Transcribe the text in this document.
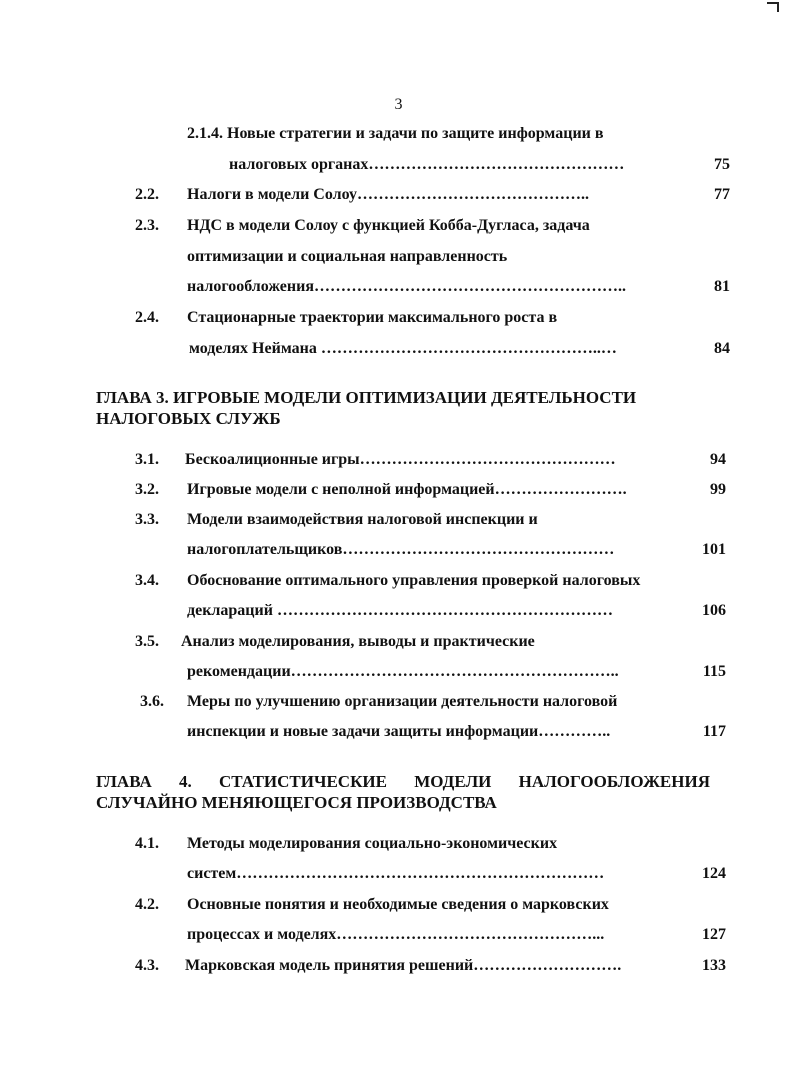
3
2.1.4. Новые стратегии и задачи по защите информации в
налоговых органах…………………………………………	75
2.2. Налоги в модели Солоу……………………………………..	77
2.3. НДС в модели Солоу с функцией Кобба-Дугласа, задача
оптимизации и социальная направленность
налогообложения…………………………………………………..	81
2.4. Стационарные траектории максимального роста в
моделях Неймана ……………………………………………..…	84
ГЛАВА 3. ИГРОВЫЕ МОДЕЛИ ОПТИМИЗАЦИИ ДЕЯТЕЛЬНОСТИ
НАЛОГОВЫХ СЛУЖБ
3.1. Бескоалиционные игры…………………………………………	94
3.2. Игровые модели с неполной информацией…………………….	99
3.3. Модели взаимодействия налоговой инспекции и
налогоплательщиков……………………………………………	101
3.4. Обоснование оптимального управления проверкой налоговых
деклараций ………………………………………………………	106
3.5. Анализ моделирования, выводы и практические
рекомендации……………………………………………………..	115
3.6. Меры по улучшению организации деятельности налоговой
инспекции и новые задачи защиты информации…………..	117
ГЛАВА 4. СТАТИСТИЧЕСКИЕ МОДЕЛИ НАЛОГООБЛОЖЕНИЯ
СЛУЧАЙНО МЕНЯЮЩЕГОСЯ ПРОИЗВОДСТВА
4.1. Методы моделирования социально-экономических
систем……………………………………………………………	124
4.2. Основные понятия и необходимые сведения о марковских
процессах и моделях…………………………………………...	127
4.3. Марковская модель принятия решений……………………….	133
